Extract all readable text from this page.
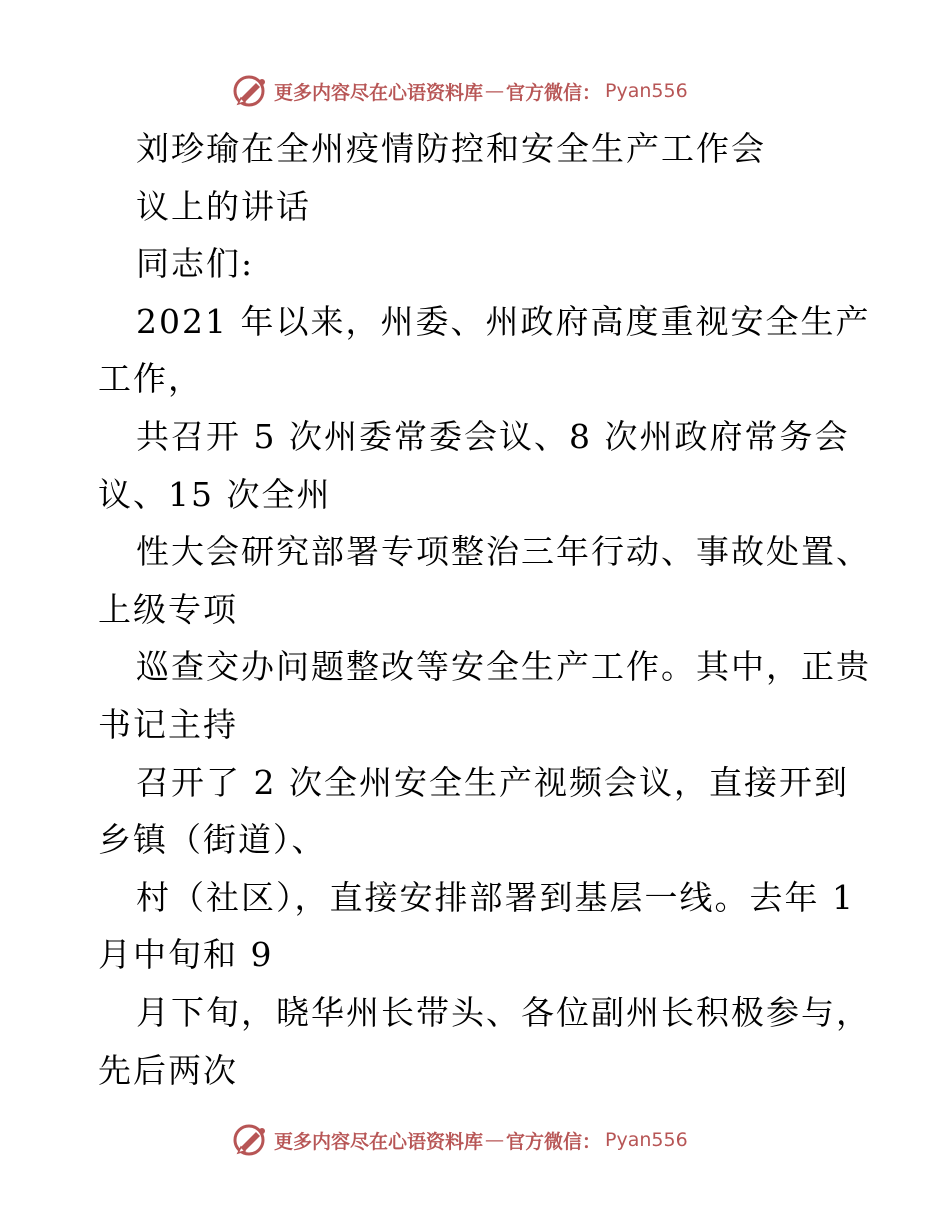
更多内容尽在心语资料库 — 官方微信： Pyan556
刘珍瑜在全州疫情防控和安全生产工作会
议上的讲话
同志们:
2021 年以来，州委、州政府高度重视安全生产
工作，
共召开 5 次州委常委会议、8 次州政府常务会
议、15 次全州
性大会研究部署专项整治三年行动、事故处置、
上级专项
巡查交办问题整改等安全生产工作。其中，正贵
书记主持
召开了 2 次全州安全生产视频会议，直接开到
乡镇（街道）、
村（社区），直接安排部署到基层一线。去年 1
月中旬和 9
月下旬，晓华州长带头、各位副州长积极参与，
先后两次
更多内容尽在心语资料库 — 官方微信： Pyan556
